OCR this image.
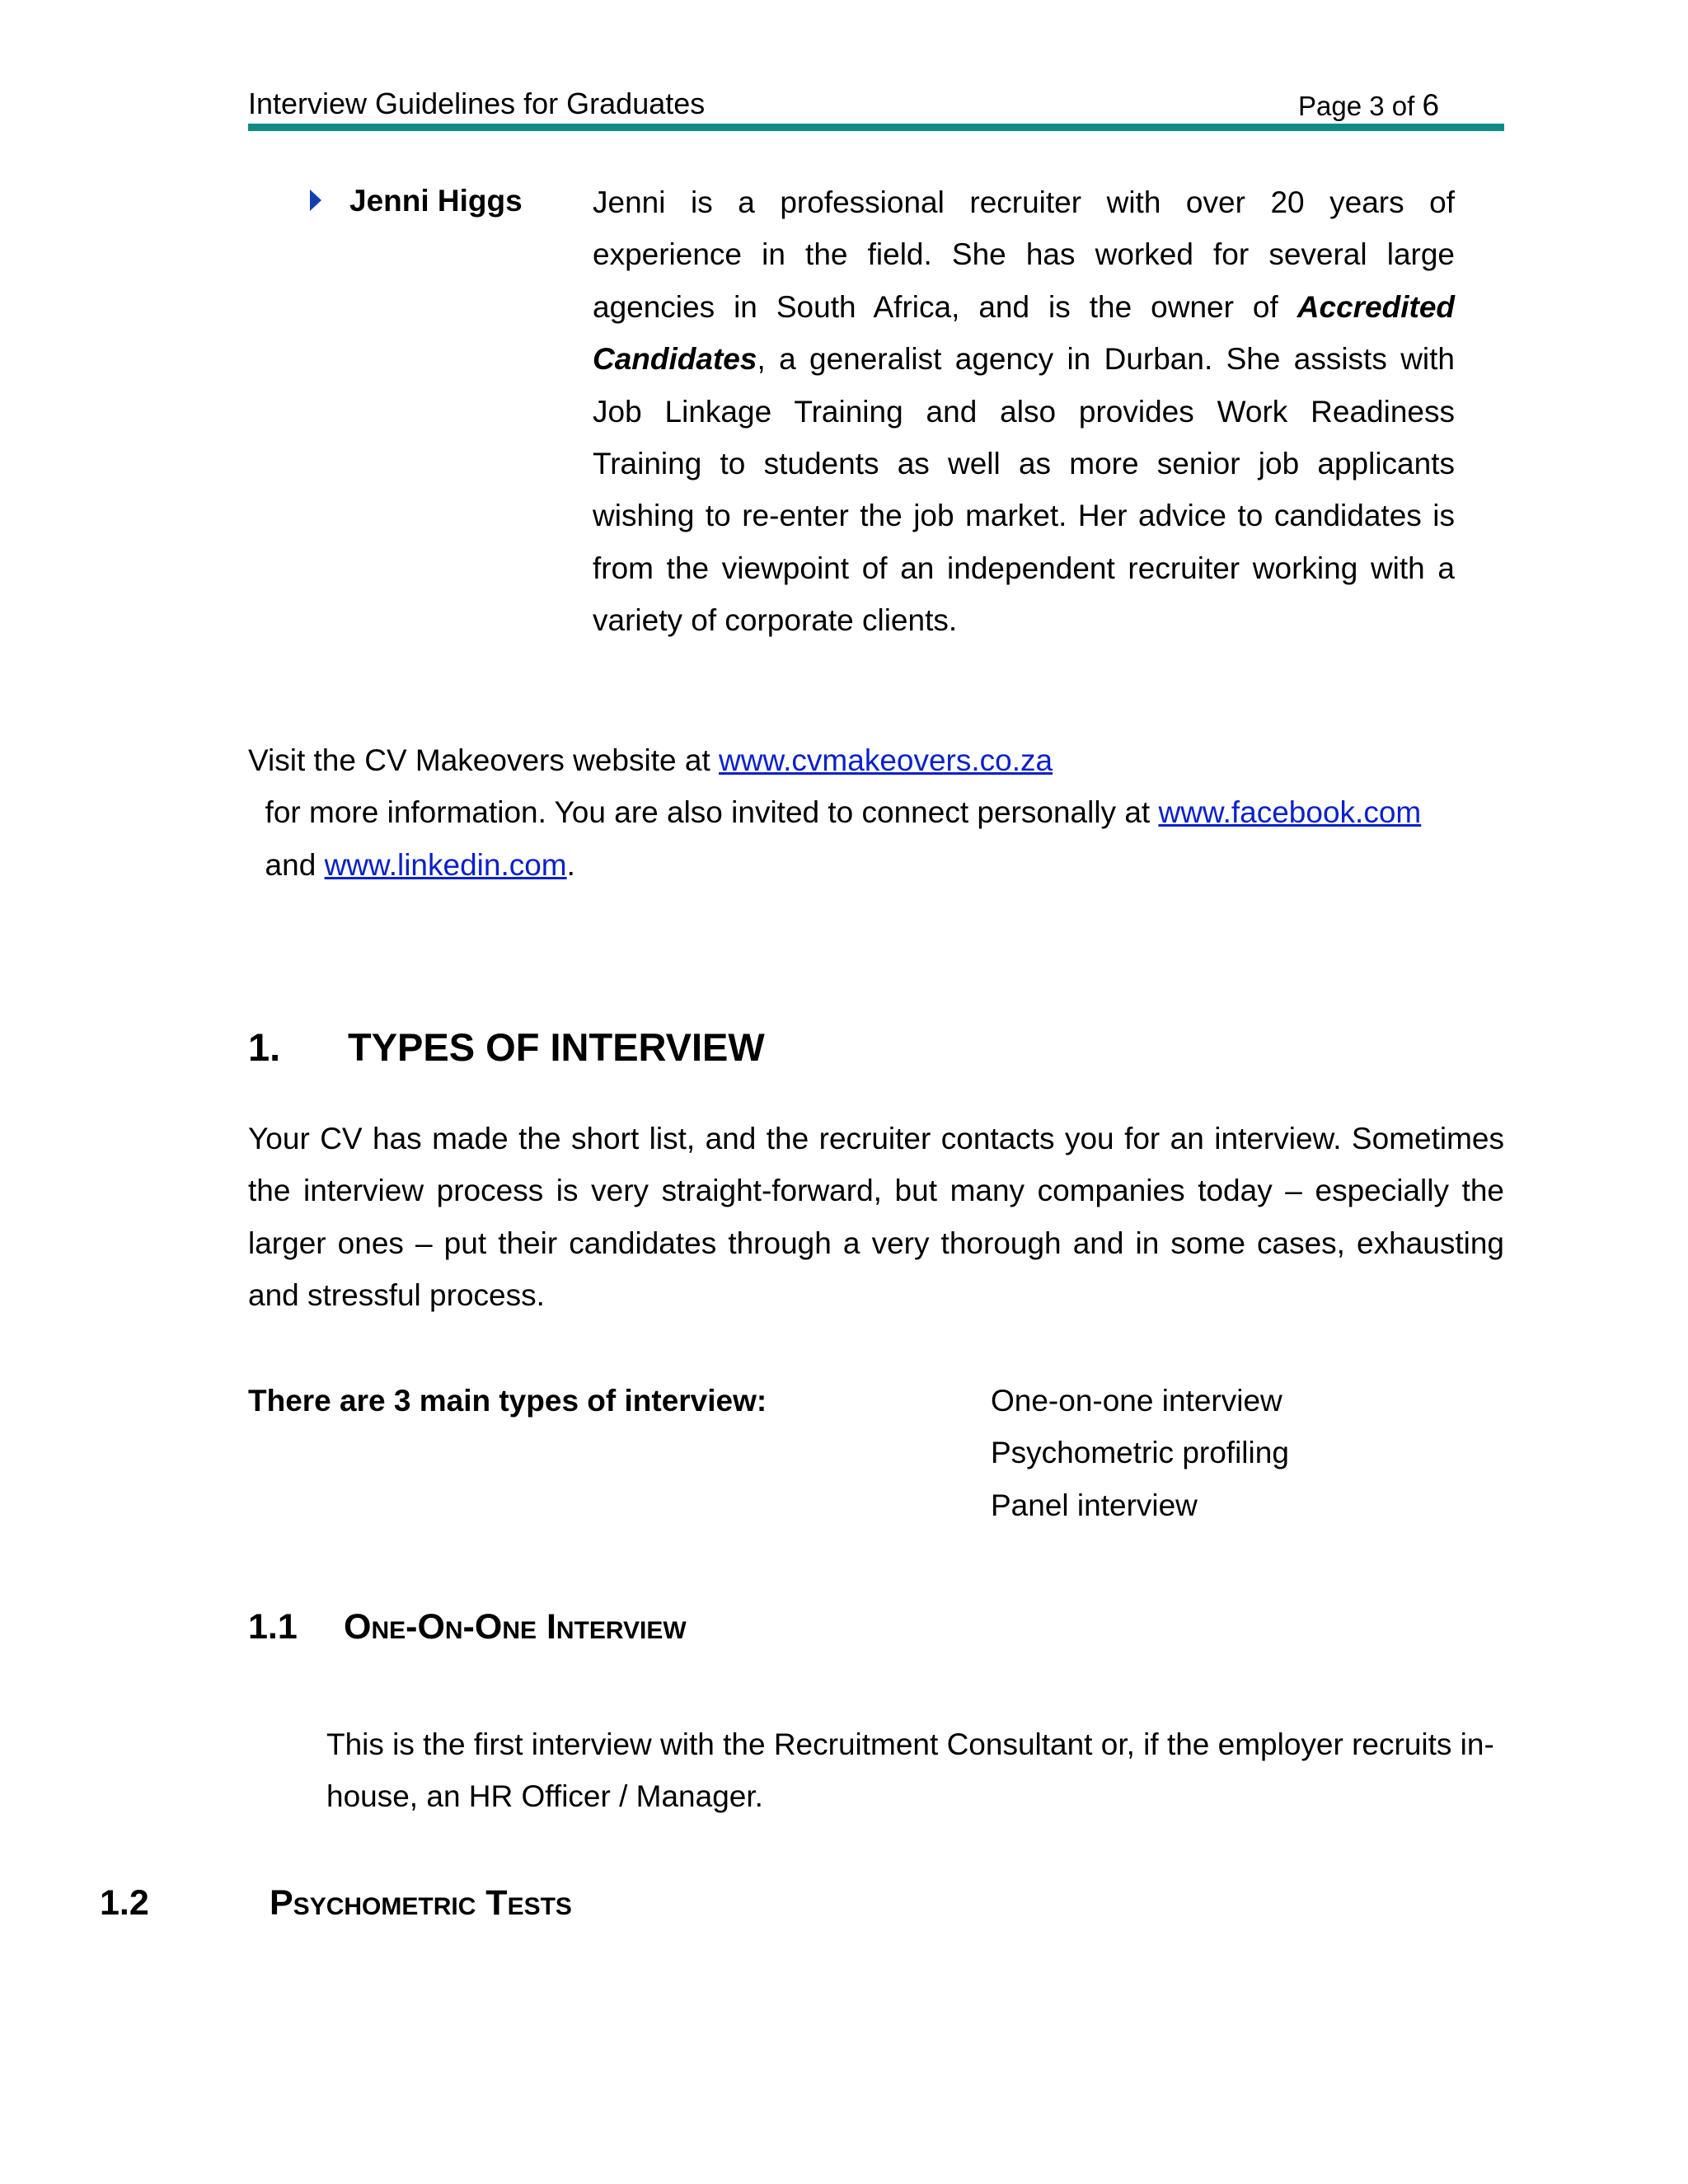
Interview Guidelines for Graduates	Page 3 of 6
Jenni Higgs Jenni is a professional recruiter with over 20 years of experience in the field. She has worked for several large agencies in South Africa, and is the owner of Accredited Candidates, a generalist agency in Durban. She assists with Job Linkage Training and also provides Work Readiness Training to students as well as more senior job applicants wishing to re-enter the job market. Her advice to candidates is from the viewpoint of an independent recruiter working with a variety of corporate clients.

Visit the CV Makeovers website at www.cvmakeovers.co.za  for more information. You are also invited to connect personally at www.facebook.com  and www.linkedin.com.

1. TYPES OF INTERVIEW

Your CV has made the short list, and the recruiter contacts you for an interview. Sometimes the interview process is very straight-forward, but many companies today – especially the larger ones – put their candidates through a very thorough and in some cases, exhausting and stressful process.

There are 3 main types of interview:	One-on-one interview
Psychometric profiling
Panel interview
1.1 One-On-One Interview

This is the first interview with the Recruitment Consultant or, if the employer recruits in-house, an HR Officer / Manager.

1.2	Psychometric Tests
